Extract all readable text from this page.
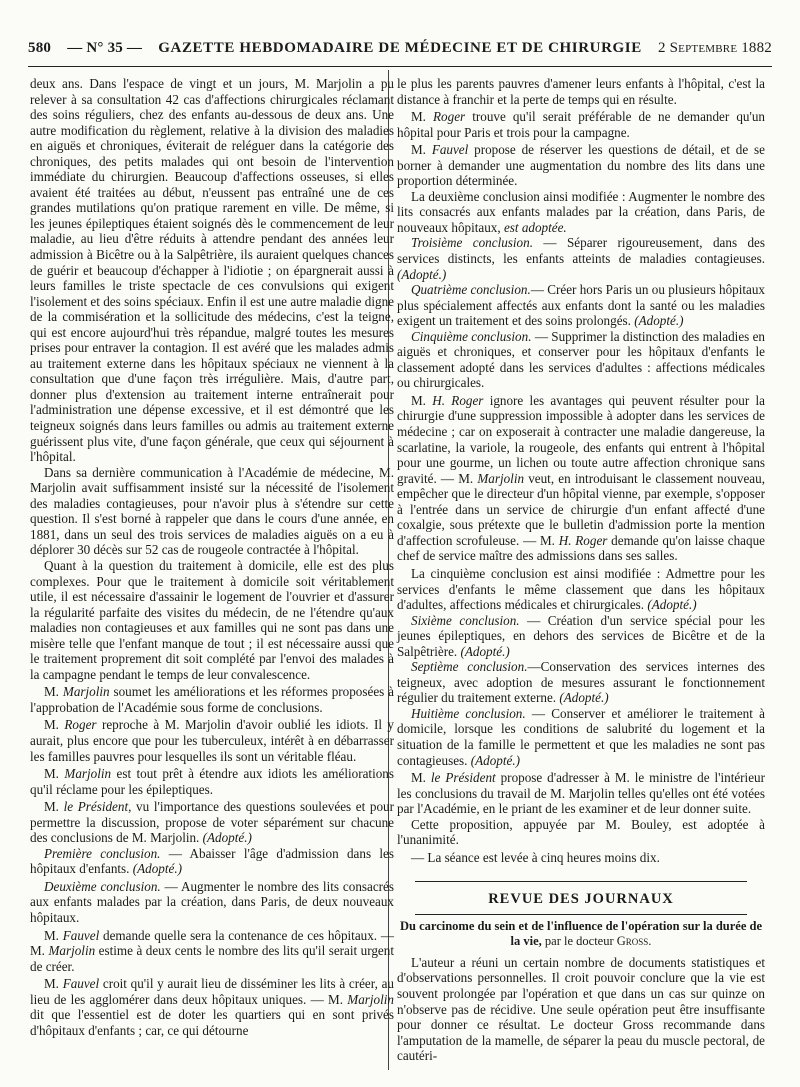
580 — N° 35 — GAZETTE HEBDOMADAIRE DE MÉDECINE ET DE CHIRURGIE 2 Septembre 1882

deux ans. Dans l'espace de vingt et un jours, M. Marjolin a pu relever à sa consultation 42 cas d'affections chirurgicales réclamant des soins réguliers, chez des enfants au-dessous de deux ans. Une autre modification du règlement, relative à la division des maladies en aiguës et chroniques, éviterait de reléguer dans la catégorie des chroniques, des petits malades qui ont besoin de l'intervention immédiate du chirurgien. Beaucoup d'affections osseuses, si elles avaient été traitées au début, n'eussent pas entraîné une de ces grandes mutilations qu'on pratique rarement en ville. De même, si les jeunes épileptiques étaient soignés dès le commencement de leur maladie, au lieu d'être réduits à attendre pendant des années leur admission à Bicêtre ou à la Salpêtrière, ils auraient quelques chances de guérir et beaucoup d'échapper à l'idiotie ; on épargnerait aussi à leurs familles le triste spectacle de ces convulsions qui exigent l'isolement et des soins spéciaux. Enfin il est une autre maladie digne de la commisération et la sollicitude des médecins, c'est la teigne, qui est encore aujourd'hui très répandue, malgré toutes les mesures prises pour entraver la contagion. Il est avéré que les malades admis au traitement externe dans les hôpitaux spéciaux ne viennent à la consultation que d'une façon très irrégulière. Mais, d'autre part, donner plus d'extension au traitement interne entraînerait pour l'administration une dépense excessive, et il est démontré que les teigneux soignés dans leurs familles ou admis au traitement externe guérissent plus vite, d'une façon générale, que ceux qui séjournent à l'hôpital.

Dans sa dernière communication à l'Académie de médecine, M. Marjolin avait suffisamment insisté sur la nécessité de l'isolement des maladies contagieuses, pour n'avoir plus à s'étendre sur cette question. Il s'est borné à rappeler que dans le cours d'une année, en 1881, dans un seul des trois services de maladies aiguës on a eu à déplorer 30 décès sur 52 cas de rougeole contractée à l'hôpital.

Quant à la question du traitement à domicile, elle est des plus complexes. Pour que le traitement à domicile soit véritablement utile, il est nécessaire d'assainir le logement de l'ouvrier et d'assurer la régularité parfaite des visites du médecin, de ne l'étendre qu'aux maladies non contagieuses et aux familles qui ne sont pas dans une misère telle que l'enfant manque de tout ; il est nécessaire aussi que le traitement proprement dit soit complété par l'envoi des malades à la campagne pendant le temps de leur convalescence.

M. Marjolin soumet les améliorations et les réformes proposées à l'approbation de l'Académie sous forme de conclusions.

M. Roger reproche à M. Marjolin d'avoir oublié les idiots. Il y aurait, plus encore que pour les tuberculeux, intérêt à en débarrasser les familles pauvres pour lesquelles ils sont un véritable fléau.

M. Marjolin est tout prêt à étendre aux idiots les améliorations qu'il réclame pour les épileptiques.

M. le Président, vu l'importance des questions soulevées et pour permettre la discussion, propose de voter séparément sur chacune des conclusions de M. Marjolin. (Adopté.)

Première conclusion. — Abaisser l'âge d'admission dans les hôpitaux d'enfants. (Adopté.)

Deuxième conclusion. — Augmenter le nombre des lits consacrés aux enfants malades par la création, dans Paris, de deux nouveaux hôpitaux.

M. Fauvel demande quelle sera la contenance de ces hôpitaux. — M. Marjolin estime à deux cents le nombre des lits qu'il serait urgent de créer.

M. Fauvel croit qu'il y aurait lieu de disséminer les lits à créer, au lieu de les agglomérer dans deux hôpitaux uniques. — M. Marjolin dit que l'essentiel est de doter les quartiers qui en sont privés d'hôpitaux d'enfants ; car, ce qui détourne

le plus les parents pauvres d'amener leurs enfants à l'hôpital, c'est la distance à franchir et la perte de temps qui en résulte.

M. Roger trouve qu'il serait préférable de ne demander qu'un hôpital pour Paris et trois pour la campagne.

M. Fauvel propose de réserver les questions de détail, et de se borner à demander une augmentation du nombre des lits dans une proportion déterminée.

La deuxième conclusion ainsi modifiée : Augmenter le nombre des lits consacrés aux enfants malades par la création, dans Paris, de nouveaux hôpitaux, est adoptée.

Troisième conclusion. — Séparer rigoureusement, dans des services distincts, les enfants atteints de maladies contagieuses. (Adopté.)

Quatrième conclusion.— Créer hors Paris un ou plusieurs hôpitaux plus spécialement affectés aux enfants dont la santé ou les maladies exigent un traitement et des soins prolongés. (Adopté.)

Cinquième conclusion. — Supprimer la distinction des maladies en aiguës et chroniques, et conserver pour les hôpitaux d'enfants le classement adopté dans les services d'adultes : affections médicales ou chirurgicales.

M. H. Roger ignore les avantages qui peuvent résulter pour la chirurgie d'une suppression impossible à adopter dans les services de médecine ; car on exposerait à contracter une maladie dangereuse, la scarlatine, la variole, la rougeole, des enfants qui entrent à l'hôpital pour une gourme, un lichen ou toute autre affection chronique sans gravité. — M. Marjolin veut, en introduisant le classement nouveau, empêcher que le directeur d'un hôpital vienne, par exemple, s'opposer à l'entrée dans un service de chirurgie d'un enfant affecté d'une coxalgie, sous prétexte que le bulletin d'admission porte la mention d'affection scrofuleuse. — M. H. Roger demande qu'on laisse chaque chef de service maître des admissions dans ses salles.

La cinquième conclusion est ainsi modifiée : Admettre pour les services d'enfants le même classement que dans les hôpitaux d'adultes, affections médicales et chirurgicales. (Adopté.)

Sixième conclusion. — Création d'un service spécial pour les jeunes épileptiques, en dehors des services de Bicêtre et de la Salpêtrière. (Adopté.)

Septième conclusion.—Conservation des services internes des teigneux, avec adoption de mesures assurant le fonctionnement régulier du traitement externe. (Adopté.)

Huitième conclusion. — Conserver et améliorer le traitement à domicile, lorsque les conditions de salubrité du logement et la situation de la famille le permettent et que les maladies ne sont pas contagieuses. (Adopté.)

M. le Président propose d'adresser à M. le ministre de l'intérieur les conclusions du travail de M. Marjolin telles qu'elles ont été votées par l'Académie, en le priant de les examiner et de leur donner suite.

Cette proposition, appuyée par M. Bouley, est adoptée à l'unanimité.

— La séance est levée à cinq heures moins dix.

REVUE DES JOURNAUX

Du carcinome du sein et de l'influence de l'opération sur la durée de la vie, par le docteur Gross.

L'auteur a réuni un certain nombre de documents statistiques et d'observations personnelles. Il croit pouvoir conclure que la vie est souvent prolongée par l'opération et que dans un cas sur quinze on n'observe pas de récidive. Une seule opération peut être insuffisante pour donner ce résultat. Le docteur Gross recommande dans l'amputation de la mamelle, de séparer la peau du muscle pectoral, de cautéri-
